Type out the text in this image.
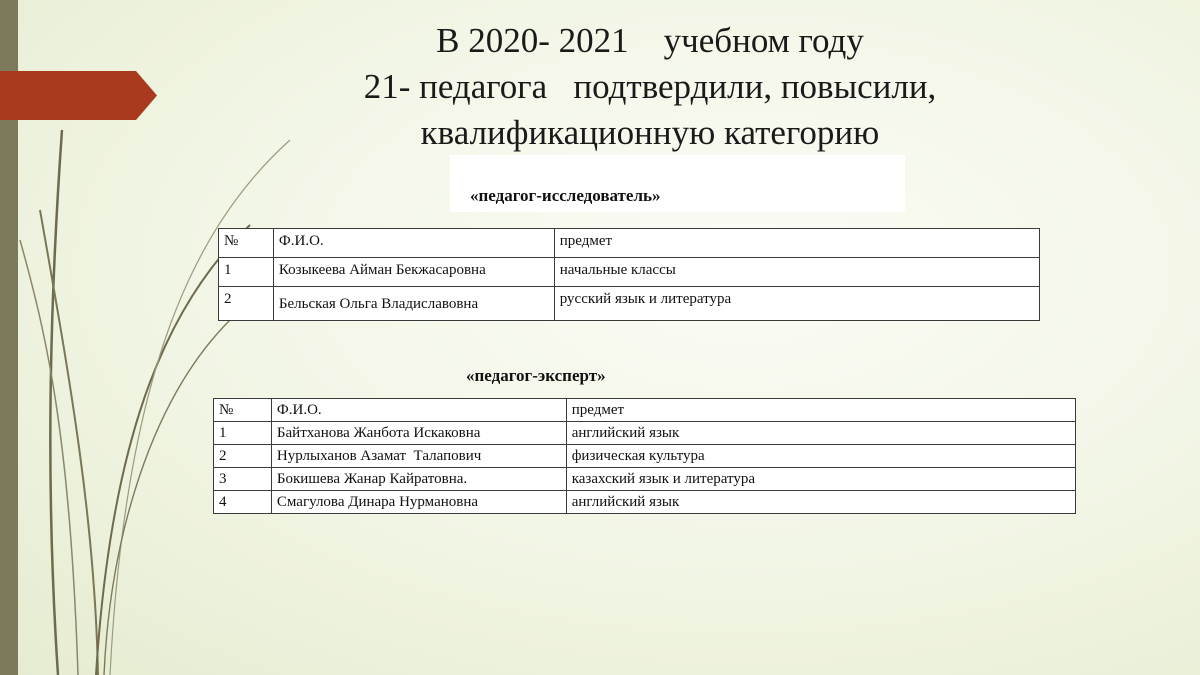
В 2020- 2021    учебном году
21- педагога   подтвердили, повысили,
квалификационную категорию
«педагог-исследователь»
№	Ф.И.О.	предмет
1	Козыкеева Айман Бекжасаровна	начальные классы
2	Бельская Ольга Владиславовна	русский язык и литература
«педагог-эксперт»
№	Ф.И.О.	предмет
1	Байтханова Жанбота Искаковна	английский язык
2	Нурлыханов Азамат  Талапович	физическая культура
3	Бокишева Жанар Кайратовна.	казахский язык и литература
4	Смагулова Динара Нурмановна	английский язык
